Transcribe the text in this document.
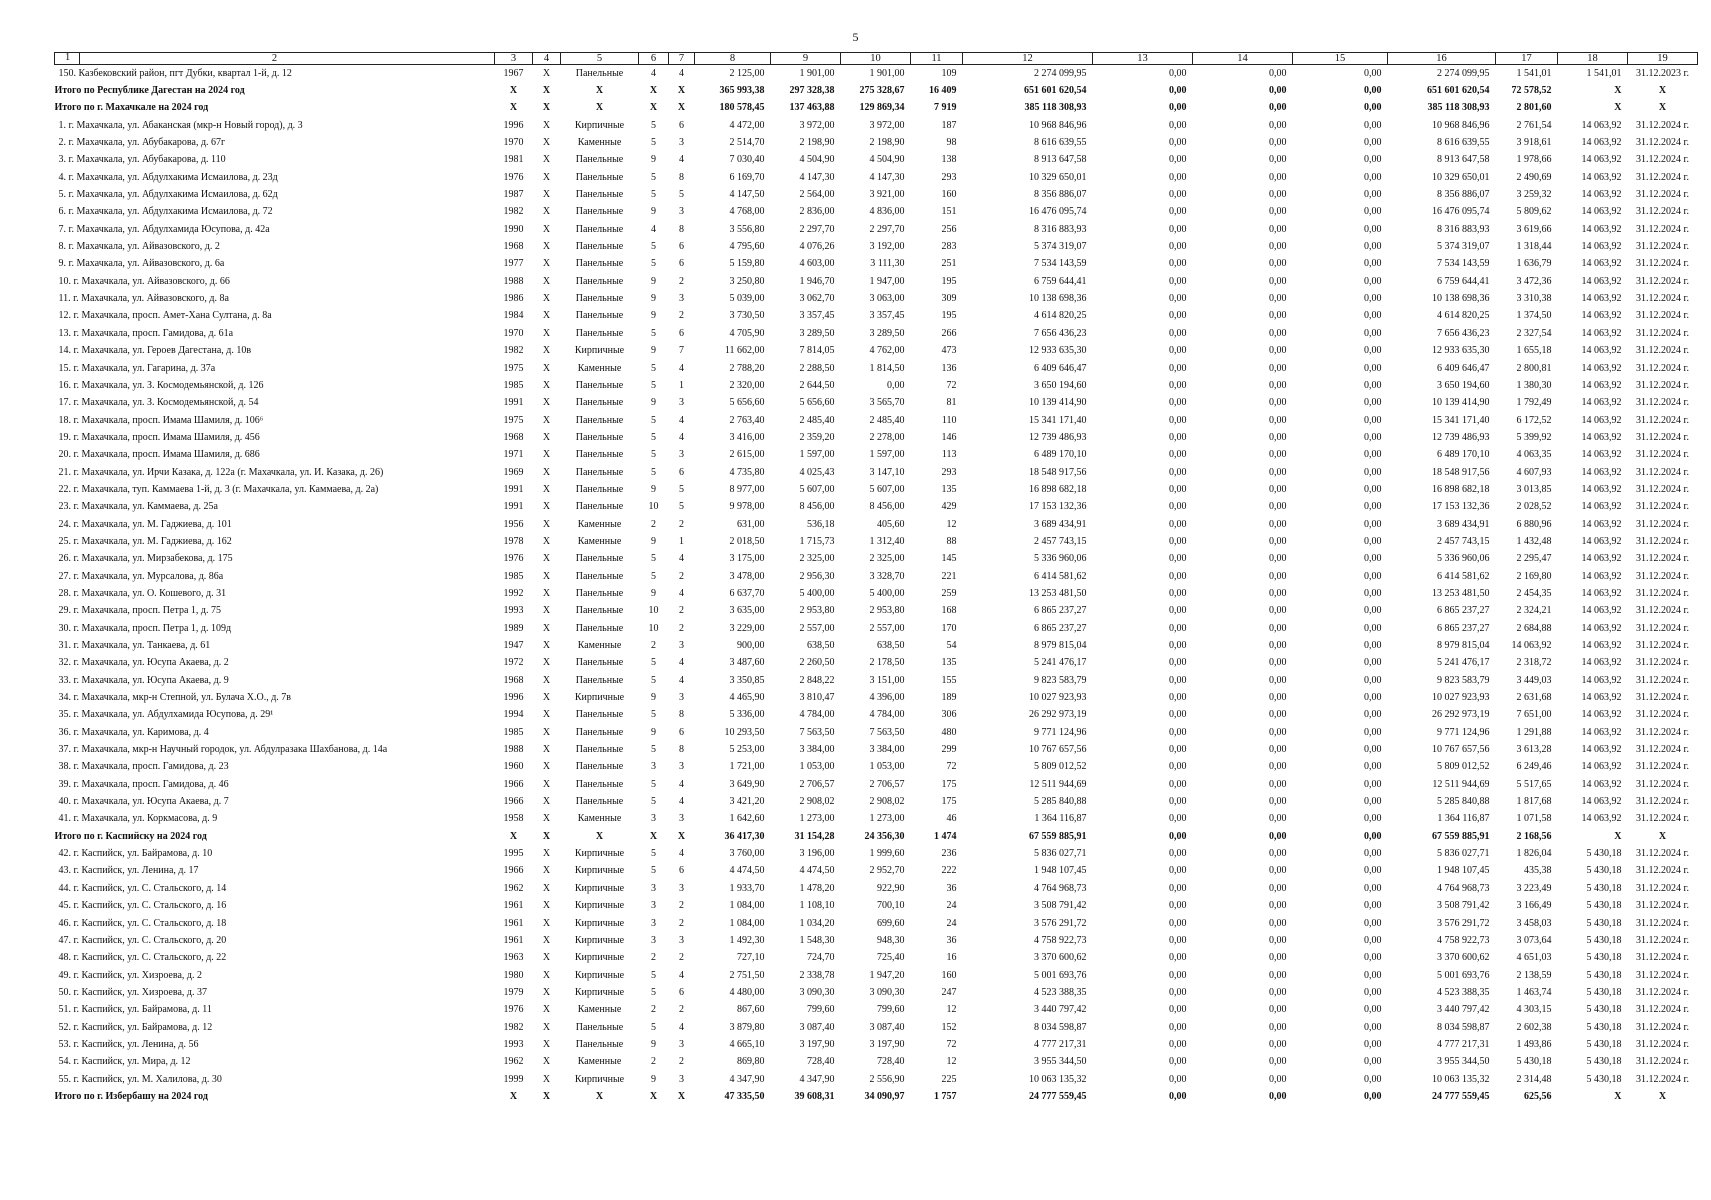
5
1 2	3	4	5	6	7	8	9	10	11	12	13	14	15	16	17	18	19
150. Казбековский район, пгт Дубки, квартал 1-й, д. 12	1967	X	Панельные	4	4	2 125,00	1 901,00	1 901,00	109	2 274 099,95	0,00	0,00	0,00	2 274 099,95	1 541,01	1 541,01	31.12.2023 г.
Итого по Республике Дагестан на 2024 год	X	X	X	X	X	365 993,38	297 328,38	275 328,67	16 409	651 601 620,54	0,00	0,00	0,00	651 601 620,54	72 578,52	X	X
Итого по г. Махачкале на 2024 год	X	X	X	X	X	180 578,45	137 463,88	129 869,34	7 919	385 118 308,93	0,00	0,00	0,00	385 118 308,93	2 801,60	X	X
1. г. Махачкала, ул. Абаканская (мкр-н Новый город), д. 3	1996	X	Кирпичные	5	6	4 472,00	3 972,00	3 972,00	187	10 968 846,96	0,00	0,00	0,00	10 968 846,96	2 761,54	14 063,92	31.12.2024 г.
2. г. Махачкала, ул. Абубакарова, д. 67г	1970	X	Каменные	5	3	2 514,70	2 198,90	2 198,90	98	8 616 639,55	0,00	0,00	0,00	8 616 639,55	3 918,61	14 063,92	31.12.2024 г.
3. г. Махачкала, ул. Абубакарова, д. 110	1981	X	Панельные	9	4	7 030,40	4 504,90	4 504,90	138	8 913 647,58	0,00	0,00	0,00	8 913 647,58	1 978,66	14 063,92	31.12.2024 г.
4. г. Махачкала, ул. Абдулхакима Исмаилова, д. 23д	1976	X	Панельные	5	8	6 169,70	4 147,30	4 147,30	293	10 329 650,01	0,00	0,00	0,00	10 329 650,01	2 490,69	14 063,92	31.12.2024 г.
5. г. Махачкала, ул. Абдулхакима Исмаилова, д. 62д	1987	X	Панельные	5	5	4 147,50	2 564,00	3 921,00	160	8 356 886,07	0,00	0,00	0,00	8 356 886,07	3 259,32	14 063,92	31.12.2024 г.
6. г. Махачкала, ул. Абдулхакима Исмаилова, д. 72	1982	X	Панельные	9	3	4 768,00	2 836,00	4 836,00	151	16 476 095,74	0,00	0,00	0,00	16 476 095,74	5 809,62	14 063,92	31.12.2024 г.
7. г. Махачкала, ул. Абдулхамида Юсупова, д. 42а	1990	X	Панельные	4	8	3 556,80	2 297,70	2 297,70	256	8 316 883,93	0,00	0,00	0,00	8 316 883,93	3 619,66	14 063,92	31.12.2024 г.
8. г. Махачкала, ул. Айвазовского, д. 2	1968	X	Панельные	5	6	4 795,60	4 076,26	3 192,00	283	5 374 319,07	0,00	0,00	0,00	5 374 319,07	1 318,44	14 063,92	31.12.2024 г.
9. г. Махачкала, ул. Айвазовского, д. 6а	1977	X	Панельные	5	6	5 159,80	4 603,00	3 111,30	251	7 534 143,59	0,00	0,00	0,00	7 534 143,59	1 636,79	14 063,92	31.12.2024 г.
10. г. Махачкала, ул. Айвазовского, д. 66	1988	X	Панельные	9	2	3 250,80	1 946,70	1 947,00	195	6 759 644,41	0,00	0,00	0,00	6 759 644,41	3 472,36	14 063,92	31.12.2024 г.
11. г. Махачкала, ул. Айвазовского, д. 8а	1986	X	Панельные	9	3	5 039,00	3 062,70	3 063,00	309	10 138 698,36	0,00	0,00	0,00	10 138 698,36	3 310,38	14 063,92	31.12.2024 г.
12. г. Махачкала, просп. Амет-Хана Султана, д. 8а	1984	X	Панельные	9	2	3 730,50	3 357,45	3 357,45	195	4 614 820,25	0,00	0,00	0,00	4 614 820,25	1 374,50	14 063,92	31.12.2024 г.
13. г. Махачкала, просп. Гамидова, д. 61а	1970	X	Панельные	5	6	4 705,90	3 289,50	3 289,50	266	7 656 436,23	0,00	0,00	0,00	7 656 436,23	2 327,54	14 063,92	31.12.2024 г.
14. г. Махачкала, ул. Героев Дагестана, д. 10в	1982	X	Кирпичные	9	7	11 662,00	7 814,05	4 762,00	473	12 933 635,30	0,00	0,00	0,00	12 933 635,30	1 655,18	14 063,92	31.12.2024 г.
15. г. Махачкала, ул. Гагарина, д. 37а	1975	X	Каменные	5	4	2 788,20	2 288,50	1 814,50	136	6 409 646,47	0,00	0,00	0,00	6 409 646,47	2 800,81	14 063,92	31.12.2024 г.
16. г. Махачкала, ул. З. Космодемьянской, д. 126	1985	X	Панельные	5	1	2 320,00	2 644,50	0,00	72	3 650 194,60	0,00	0,00	0,00	3 650 194,60	1 380,30	14 063,92	31.12.2024 г.
17. г. Махачкала, ул. З. Космодемьянской, д. 54	1991	X	Панельные	9	3	5 656,60	5 656,60	3 565,70	81	10 139 414,90	0,00	0,00	0,00	10 139 414,90	1 792,49	14 063,92	31.12.2024 г.
18. г. Махачкала, просп. Имама Шамиля, д. 106⁶	1975	X	Панельные	5	4	2 763,40	2 485,40	2 485,40	110	15 341 171,40	0,00	0,00	0,00	15 341 171,40	6 172,52	14 063,92	31.12.2024 г.
19. г. Махачкала, просп. Имама Шамиля, д. 456	1968	X	Панельные	5	4	3 416,00	2 359,20	2 278,00	146	12 739 486,93	0,00	0,00	0,00	12 739 486,93	5 399,92	14 063,92	31.12.2024 г.
20. г. Махачкала, просп. Имама Шамиля, д. 686	1971	X	Панельные	5	3	2 615,00	1 597,00	1 597,00	113	6 489 170,10	0,00	0,00	0,00	6 489 170,10	4 063,35	14 063,92	31.12.2024 г.
21. г. Махачкала, ул. Ирчи Казака, д. 122а (г. Махачкала, ул. И. Казака, д. 26)	1969	X	Панельные	5	6	4 735,80	4 025,43	3 147,10	293	18 548 917,56	0,00	0,00	0,00	18 548 917,56	4 607,93	14 063,92	31.12.2024 г.
22. г. Махачкала, туп. Каммаева 1-й, д. 3 (г. Махачкала, ул. Каммаева, д. 2а)	1991	X	Панельные	9	5	8 977,00	5 607,00	5 607,00	135	16 898 682,18	0,00	0,00	0,00	16 898 682,18	3 013,85	14 063,92	31.12.2024 г.
23. г. Махачкала, ул. Каммаева, д. 25а	1991	X	Панельные	10	5	9 978,00	8 456,00	8 456,00	429	17 153 132,36	0,00	0,00	0,00	17 153 132,36	2 028,52	14 063,92	31.12.2024 г.
24. г. Махачкала, ул. М. Гаджиева, д. 101	1956	X	Каменные	2	2	631,00	536,18	405,60	12	3 689 434,91	0,00	0,00	0,00	3 689 434,91	6 880,96	14 063,92	31.12.2024 г.
25. г. Махачкала, ул. М. Гаджиева, д. 162	1978	X	Каменные	9	1	2 018,50	1 715,73	1 312,40	88	2 457 743,15	0,00	0,00	0,00	2 457 743,15	1 432,48	14 063,92	31.12.2024 г.
26. г. Махачкала, ул. Мирзабекова, д. 175	1976	X	Панельные	5	4	3 175,00	2 325,00	2 325,00	145	5 336 960,06	0,00	0,00	0,00	5 336 960,06	2 295,47	14 063,92	31.12.2024 г.
27. г. Махачкала, ул. Мурсалова, д. 86а	1985	X	Панельные	5	2	3 478,00	2 956,30	3 328,70	221	6 414 581,62	0,00	0,00	0,00	6 414 581,62	2 169,80	14 063,92	31.12.2024 г.
28. г. Махачкала, ул. О. Кошевого, д. 31	1992	X	Панельные	9	4	6 637,70	5 400,00	5 400,00	259	13 253 481,50	0,00	0,00	0,00	13 253 481,50	2 454,35	14 063,92	31.12.2024 г.
29. г. Махачкала, просп. Петра 1, д. 75	1993	X	Панельные	10	2	3 635,00	2 953,80	2 953,80	168	6 865 237,27	0,00	0,00	0,00	6 865 237,27	2 324,21	14 063,92	31.12.2024 г.
30. г. Махачкала, просп. Петра 1, д. 109д	1989	X	Панельные	10	2	3 229,00	2 557,00	2 557,00	170	6 865 237,27	0,00	0,00	0,00	6 865 237,27	2 684,88	14 063,92	31.12.2024 г.
31. г. Махачкала, ул. Танкаева, д. 61	1947	X	Каменные	2	3	900,00	638,50	638,50	54	8 979 815,04	0,00	0,00	0,00	8 979 815,04	14 063,92	14 063,92	31.12.2024 г.
32. г. Махачкала, ул. Юсупа Акаева, д. 2	1972	X	Панельные	5	4	3 487,60	2 260,50	2 178,50	135	5 241 476,17	0,00	0,00	0,00	5 241 476,17	2 318,72	14 063,92	31.12.2024 г.
33. г. Махачкала, ул. Юсупа Акаева, д. 9	1968	X	Панельные	5	4	3 350,85	2 848,22	3 151,00	155	9 823 583,79	0,00	0,00	0,00	9 823 583,79	3 449,03	14 063,92	31.12.2024 г.
34. г. Махачкала, мкр-н Степной, ул. Булача Х.О., д. 7в	1996	X	Кирпичные	9	3	4 465,90	3 810,47	4 396,00	189	10 027 923,93	0,00	0,00	0,00	10 027 923,93	2 631,68	14 063,92	31.12.2024 г.
35. г. Махачкала, ул. Абдулхамида Юсупова, д. 29¹	1994	X	Панельные	5	8	5 336,00	4 784,00	4 784,00	306	26 292 973,19	0,00	0,00	0,00	26 292 973,19	7 651,00	14 063,92	31.12.2024 г.
36. г. Махачкала, ул. Каримова, д. 4	1985	X	Панельные	9	6	10 293,50	7 563,50	7 563,50	480	9 771 124,96	0,00	0,00	0,00	9 771 124,96	1 291,88	14 063,92	31.12.2024 г.
37. г. Махачкала, мкр-н Научный городок, ул. Абдулразака Шахбанова, д. 14а	1988	X	Панельные	5	8	5 253,00	3 384,00	3 384,00	299	10 767 657,56	0,00	0,00	0,00	10 767 657,56	3 613,28	14 063,92	31.12.2024 г.
38. г. Махачкала, просп. Гамидова, д. 23	1960	X	Панельные	3	3	1 721,00	1 053,00	1 053,00	72	5 809 012,52	0,00	0,00	0,00	5 809 012,52	6 249,46	14 063,92	31.12.2024 г.
39. г. Махачкала, просп. Гамидова, д. 46	1966	X	Панельные	5	4	3 649,90	2 706,57	2 706,57	175	12 511 944,69	0,00	0,00	0,00	12 511 944,69	5 517,65	14 063,92	31.12.2024 г.
40. г. Махачкала, ул. Юсупа Акаева, д. 7	1966	X	Панельные	5	4	3 421,20	2 908,02	2 908,02	175	5 285 840,88	0,00	0,00	0,00	5 285 840,88	1 817,68	14 063,92	31.12.2024 г.
41. г. Махачкала, ул. Коркмасова, д. 9	1958	X	Каменные	3	3	1 642,60	1 273,00	1 273,00	46	1 364 116,87	0,00	0,00	0,00	1 364 116,87	1 071,58	14 063,92	31.12.2024 г.
Итого по г. Каспийску на 2024 год	X	X	X	X	X	36 417,30	31 154,28	24 356,30	1 474	67 559 885,91	0,00	0,00	0,00	67 559 885,91	2 168,56	X	X
42. г. Каспийск, ул. Байрамова, д. 10	1995	X	Кирпичные	5	4	3 760,00	3 196,00	1 999,60	236	5 836 027,71	0,00	0,00	0,00	5 836 027,71	1 826,04	5 430,18	31.12.2024 г.
43. г. Каспийск, ул. Ленина, д. 17	1966	X	Кирпичные	5	6	4 474,50	4 474,50	2 952,70	222	1 948 107,45	0,00	0,00	0,00	1 948 107,45	435,38	5 430,18	31.12.2024 г.
44. г. Каспийск, ул. С. Стальского, д. 14	1962	X	Кирпичные	3	3	1 933,70	1 478,20	922,90	36	4 764 968,73	0,00	0,00	0,00	4 764 968,73	3 223,49	5 430,18	31.12.2024 г.
45. г. Каспийск, ул. С. Стальского, д. 16	1961	X	Кирпичные	3	2	1 084,00	1 108,10	700,10	24	3 508 791,42	0,00	0,00	0,00	3 508 791,42	3 166,49	5 430,18	31.12.2024 г.
46. г. Каспийск, ул. С. Стальского, д. 18	1961	X	Кирпичные	3	2	1 084,00	1 034,20	699,60	24	3 576 291,72	0,00	0,00	0,00	3 576 291,72	3 458,03	5 430,18	31.12.2024 г.
47. г. Каспийск, ул. С. Стальского, д. 20	1961	X	Кирпичные	3	3	1 492,30	1 548,30	948,30	36	4 758 922,73	0,00	0,00	0,00	4 758 922,73	3 073,64	5 430,18	31.12.2024 г.
48. г. Каспийск, ул. С. Стальского, д. 22	1963	X	Кирпичные	2	2	727,10	724,70	725,40	16	3 370 600,62	0,00	0,00	0,00	3 370 600,62	4 651,03	5 430,18	31.12.2024 г.
49. г. Каспийск, ул. Хизроева, д. 2	1980	X	Кирпичные	5	4	2 751,50	2 338,78	1 947,20	160	5 001 693,76	0,00	0,00	0,00	5 001 693,76	2 138,59	5 430,18	31.12.2024 г.
50. г. Каспийск, ул. Хизроева, д. 37	1979	X	Кирпичные	5	6	4 480,00	3 090,30	3 090,30	247	4 523 388,35	0,00	0,00	0,00	4 523 388,35	1 463,74	5 430,18	31.12.2024 г.
51. г. Каспийск, ул. Байрамова, д. 11	1976	X	Каменные	2	2	867,60	799,60	799,60	12	3 440 797,42	0,00	0,00	0,00	3 440 797,42	4 303,15	5 430,18	31.12.2024 г.
52. г. Каспийск, ул. Байрамова, д. 12	1982	X	Панельные	5	4	3 879,80	3 087,40	3 087,40	152	8 034 598,87	0,00	0,00	0,00	8 034 598,87	2 602,38	5 430,18	31.12.2024 г.
53. г. Каспийск, ул. Ленина, д. 56	1993	X	Панельные	9	3	4 665,10	3 197,90	3 197,90	72	4 777 217,31	0,00	0,00	0,00	4 777 217,31	1 493,86	5 430,18	31.12.2024 г.
54. г. Каспийск, ул. Мира, д. 12	1962	X	Каменные	2	2	869,80	728,40	728,40	12	3 955 344,50	0,00	0,00	0,00	3 955 344,50	5 430,18	5 430,18	31.12.2024 г.
55. г. Каспийск, ул. М. Халилова, д. 30	1999	X	Кирпичные	9	3	4 347,90	4 347,90	2 556,90	225	10 063 135,32	0,00	0,00	0,00	10 063 135,32	2 314,48	5 430,18	31.12.2024 г.
Итого по г. Избербашу на 2024 год	X	X	X	X	X	47 335,50	39 608,31	34 090,97	1 757	24 777 559,45	0,00	0,00	0,00	24 777 559,45	625,56	X	X
